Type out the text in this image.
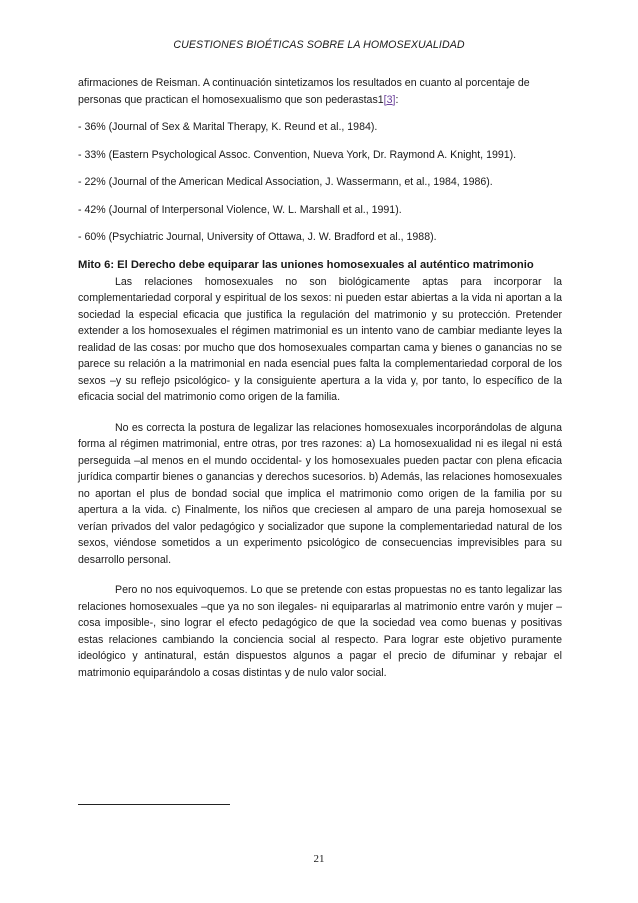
CUESTIONES BIOÉTICAS SOBRE LA HOMOSEXUALIDAD

afirmaciones de Reisman. A continuación sintetizamos los resultados en cuanto al porcentaje de personas que practican el homosexualismo que son pederastas1[3]:

- 36% (Journal of Sex & Marital Therapy, K. Reund et al., 1984).
- 33% (Eastern Psychological Assoc. Convention, Nueva York, Dr. Raymond A. Knight, 1991).
- 22% (Journal of the American Medical Association, J. Wassermann, et al., 1984, 1986).
- 42% (Journal of Interpersonal Violence, W. L. Marshall et al., 1991).
- 60% (Psychiatric Journal, University of Ottawa, J. W. Bradford et al., 1988).

Mito 6: El Derecho debe equiparar las uniones homosexuales al auténtico matrimonio

Las relaciones homosexuales no son biológicamente aptas para incorporar la complementariedad corporal y espiritual de los sexos: ni pueden estar abiertas a la vida ni aportan a la sociedad la especial eficacia que justifica la regulación del matrimonio y su protección. Pretender extender a los homosexuales el régimen matrimonial es un intento vano de cambiar mediante leyes la realidad de las cosas: por mucho que dos homosexuales compartan cama y bienes o ganancias no se parece su relación a la matrimonial en nada esencial pues falta la complementariedad corporal de los sexos –y su reflejo psicológico- y la consiguiente apertura a la vida y, por tanto, lo específico de la eficacia social del matrimonio como origen de la familia.

No es correcta la postura de legalizar las relaciones homosexuales incorporándolas de alguna forma al régimen matrimonial, entre otras, por tres razones: a) La homosexualidad ni es ilegal ni está perseguida –al menos en el mundo occidental- y los homosexuales pueden pactar con plena eficacia jurídica compartir bienes o ganancias y derechos sucesorios. b) Además, las relaciones homosexuales no aportan el plus de bondad social que implica el matrimonio como origen de la familia por su apertura a la vida. c) Finalmente, los niños que creciesen al amparo de una pareja homosexual se verían privados del valor pedagógico y socializador que supone la complementariedad natural de los sexos, viéndose sometidos a un experimento psicológico de consecuencias imprevisibles para su desarrollo personal.

Pero no nos equivoquemos. Lo que se pretende con estas propuestas no es tanto legalizar las relaciones homosexuales –que ya no son ilegales- ni equipararlas al matrimonio entre varón y mujer –cosa imposible-, sino lograr el efecto pedagógico de que la sociedad vea como buenas y positivas estas relaciones cambiando la conciencia social al respecto. Para lograr este objetivo puramente ideológico y antinatural, están dispuestos algunos a pagar el precio de difuminar y rebajar el matrimonio equiparándolo a cosas distintas y de nulo valor social.

21
